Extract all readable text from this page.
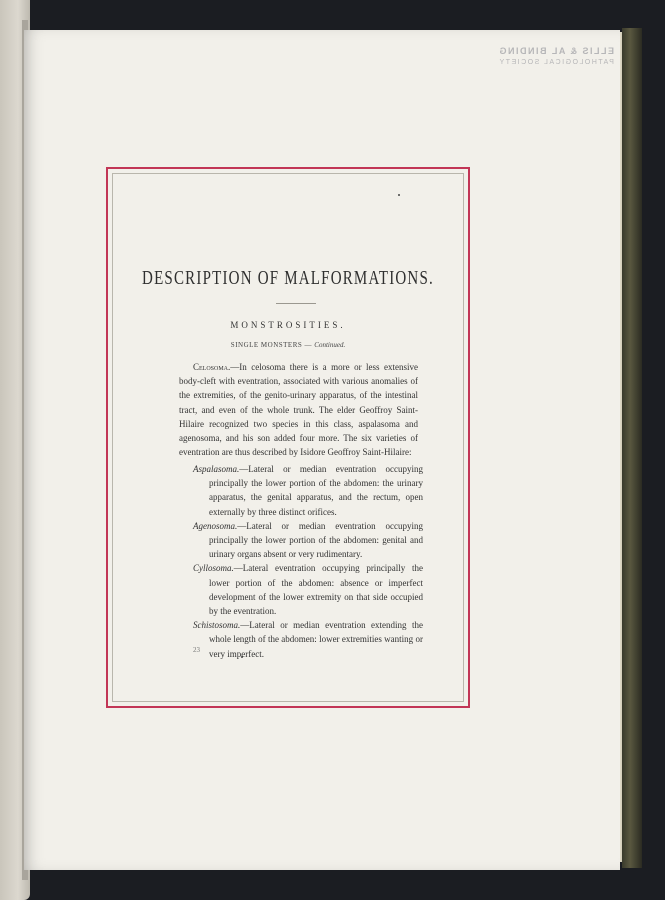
ELLIS & AL BINDING
PATHOLOGICAL SOCIETY
DESCRIPTION OF MALFORMATIONS.
MONSTROSITIES.
SINGLE MONSTERS — Continued.

Celosoma.—In celosoma there is a more or less extensive body-cleft with eventration, associated with various anomalies of the extremities, of the genito-urinary apparatus, of the intestinal tract, and even of the whole trunk. The elder Geoffroy Saint-Hilaire recognized two species in this class, aspalasoma and agenosoma, and his son added four more. The six varieties of eventration are thus described by Isidore Geoffroy Saint-Hilaire:

Aspalasoma.—Lateral or median eventration occupying principally the lower portion of the abdomen: the urinary apparatus, the genital apparatus, and the rectum, open externally by three distinct orifices.

Agenosoma.—Lateral or median eventration occupying principally the lower portion of the abdomen: genital and urinary organs absent or very rudimentary.

Cyllosoma.—Lateral eventration occupying principally the lower portion of the abdomen: absence or imperfect development of the lower extremity on that side occupied by the eventration.

Schistosoma.—Lateral or median eventration extending the whole length of the abdomen: lower extremities wanting or very imperfect.

23
